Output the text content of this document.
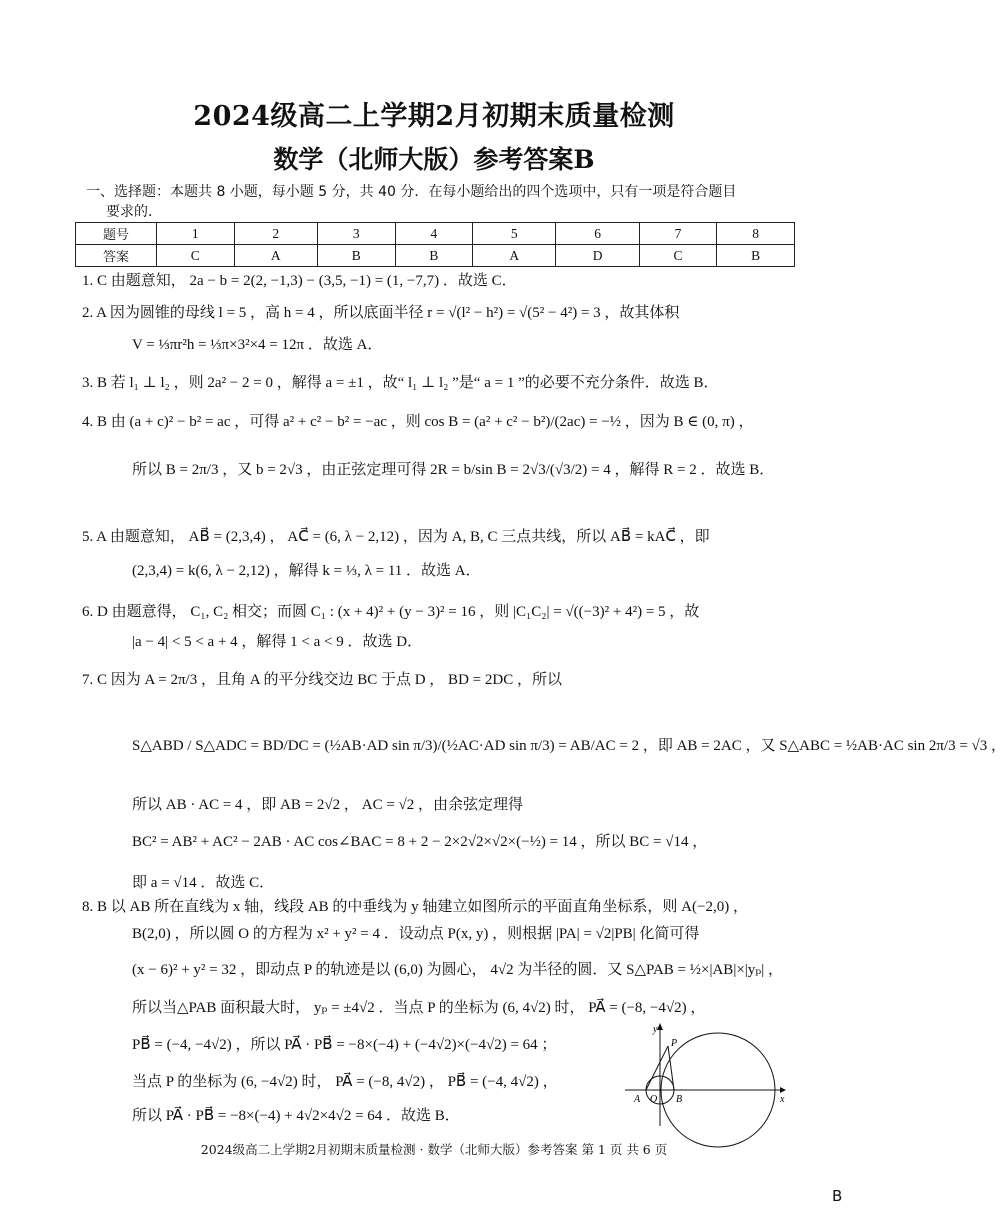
2024级高二上学期2月初期末质量检测
数学（北师大版）参考答案B
一、选择题：本题共 8 小题，每小题 5 分，共 40 分．在每小题给出的四个选项中，只有一项是符合题目
要求的．
题号	1	2	3	4	5	6	7	8
答案	C	A	B	B	A	D	C	B
1. C 由题意知， 2a − b = 2(2, −1,3) − (3,5, −1) = (1, −7,7) ．故选 C．
2. A 因为圆锥的母线 l = 5 ，高 h = 4 ，所以底面半径 r = √(l² − h²) = √(5² − 4²) = 3 ，故其体积
V = ⅓πr²h = ⅓π×3²×4 = 12π ．故选 A．
3. B 若 l₁ ⊥ l₂ ，则 2a² − 2 = 0 ，解得 a = ±1 ，故“ l₁ ⊥ l₂ ”是“ a = 1 ”的必要不充分条件．故选 B．
4. B 由 (a + c)² − b² = ac ，可得 a² + c² − b² = −ac ，则 cos B = (a² + c² − b²)/(2ac) = −½ ，因为 B ∈ (0, π) ，
所以 B = 2π/3 ，又 b = 2√3 ，由正弦定理可得 2R = b/sin B = 2√3/(√3/2) = 4 ，解得 R = 2 ．故选 B．
5. A 由题意知， AB⃗ = (2,3,4) ， AC⃗ = (6, λ − 2,12) ，因为 A, B, C 三点共线，所以 AB⃗ = kAC⃗ ，即
(2,3,4) = k(6, λ − 2,12) ，解得 k = ⅓, λ = 11 ．故选 A．
6. D 由题意得， C₁, C₂ 相交；而圆 C₁ : (x + 4)² + (y − 3)² = 16 ，则 |C₁C₂| = √((−3)² + 4²) = 5 ，故
|a − 4| < 5 < a + 4 ，解得 1 < a < 9 ．故选 D．
7. C 因为 A = 2π/3 ，且角 A 的平分线交边 BC 于点 D ， BD = 2DC ，所以
S△ABD / S△ADC = BD/DC = (½AB·AD sin π/3)/(½AC·AD sin π/3) = AB/AC = 2 ，即 AB = 2AC ，又 S△ABC = ½AB·AC sin 2π/3 = √3 ，
所以 AB · AC = 4 ，即 AB = 2√2 ， AC = √2 ，由余弦定理得
BC² = AB² + AC² − 2AB · AC cos∠BAC = 8 + 2 − 2×2√2×√2×(−½) = 14 ，所以 BC = √14 ，
即 a = √14 ．故选 C．
8. B 以 AB 所在直线为 x 轴，线段 AB 的中垂线为 y 轴建立如图所示的平面直角坐标系，则 A(−2,0) ，
B(2,0) ，所以圆 O 的方程为 x² + y² = 4 ．设动点 P(x, y) ，则根据 |PA| = √2|PB| 化简可得
(x − 6)² + y² = 32 ，即动点 P 的轨迹是以 (6,0) 为圆心， 4√2 为半径的圆．又 S△PAB = ½×|AB|×|yₚ| ，
所以当△PAB 面积最大时， yₚ = ±4√2 ．当点 P 的坐标为 (6, 4√2) 时， PA⃗ = (−8, −4√2) ，
PB⃗ = (−4, −4√2) ，所以 PA⃗ · PB⃗ = −8×(−4) + (−4√2)×(−4√2) = 64 ；
当点 P 的坐标为 (6, −4√2) 时， PA⃗ = (−8, 4√2) ， PB⃗ = (−4, 4√2) ，
所以 PA⃗ · PB⃗ = −8×(−4) + 4√2×4√2 = 64 ．故选 B．
y
x
P
A O B
2024级高二上学期2月初期末质量检测 · 数学（北师大版）参考答案 第 1 页 共 6 页
B
